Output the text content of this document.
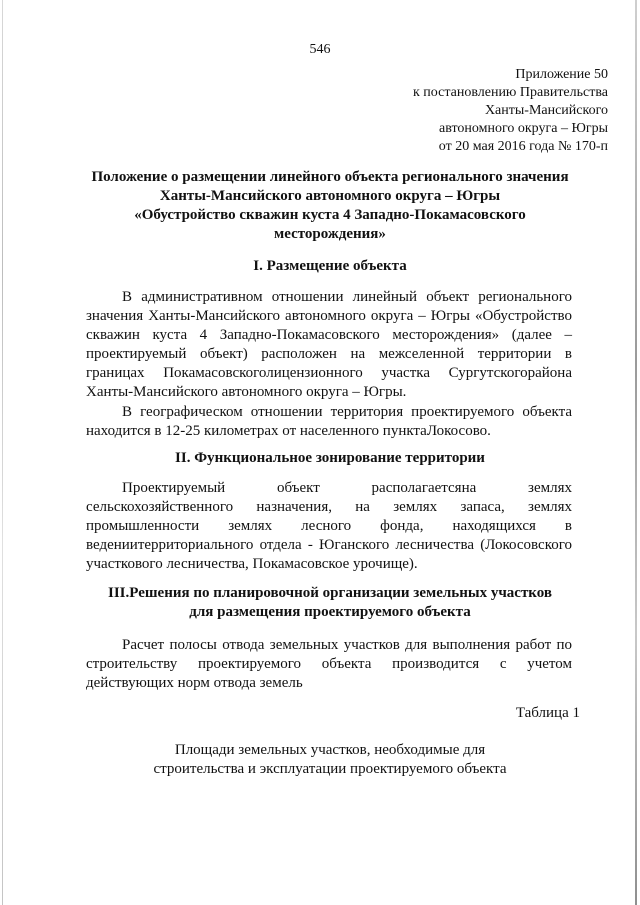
546
Приложение 50
к постановлению Правительства
Ханты-Мансийского
автономного округа – Югры
от 20 мая 2016 года № 170-п
Положение о размещении линейного объекта регионального значения
Ханты-Мансийского автономного округа – Югры
«Обустройство скважин куста 4 Западно-Покамасовского
месторождения»
I. Размещение объекта

В административном отношении линейный объект регионального значения Ханты-Мансийского автономного округа – Югры «Обустройство скважин куста 4 Западно-Покамасовского месторождения» (далее – проектируемый объект) расположен на межселенной территории в границах Покамасовскоголицензионного участка Сургутскогорайона Ханты-Мансийского автономного округа – Югры.

В географическом отношении территория проектируемого объекта находится в 12-25 километрах от населенного пунктаЛокосово.

II. Функциональное зонирование территории

Проектируемый объект располагаетсяна землях сельскохозяйственного назначения, на землях запаса, землях промышленности землях лесного фонда, находящихся в ведениитерриториального отдела - Юганского лесничества (Локосовского участкового лесничества, Покамасовское урочище).

III.Решения по планировочной организации земельных участков
для размещения проектируемого объекта

Расчет полосы отвода земельных участков для выполнения работ по строительству проектируемого объекта производится с учетом действующих норм отвода земель

Таблица 1
Площади земельных участков, необходимые для
строительства и эксплуатации проектируемого объекта
